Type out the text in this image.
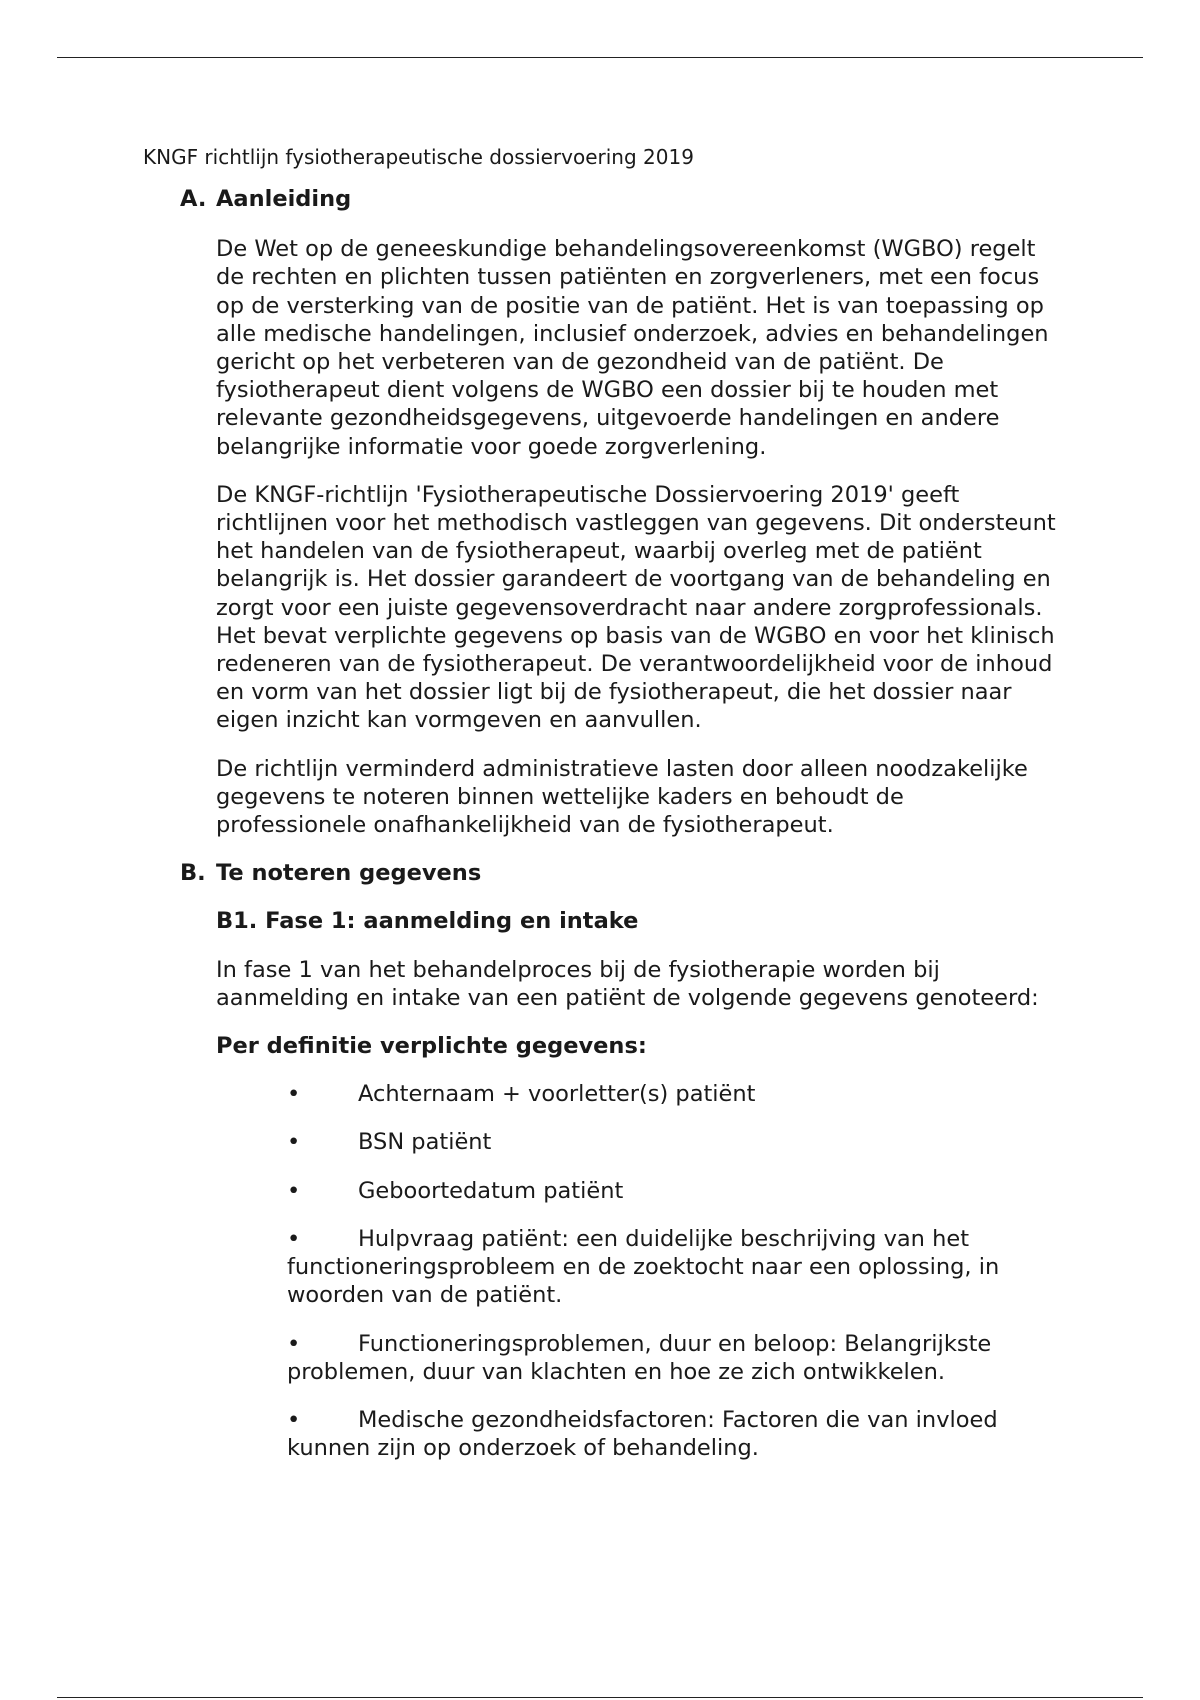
KNGF richtlijn fysiotherapeutische dossiervoering 2019
A. Aanleiding

De Wet op de geneeskundige behandelingsovereenkomst (WGBO) regelt de rechten en plichten tussen patiënten en zorgverleners, met een focus op de versterking van de positie van de patiënt. Het is van toepassing op alle medische handelingen, inclusief onderzoek, advies en behandelingen gericht op het verbeteren van de gezondheid van de patiënt. De fysiotherapeut dient volgens de WGBO een dossier bij te houden met relevante gezondheidsgegevens, uitgevoerde handelingen en andere belangrijke informatie voor goede zorgverlening.

De KNGF-richtlijn 'Fysiotherapeutische Dossiervoering 2019' geeft richtlijnen voor het methodisch vastleggen van gegevens. Dit ondersteunt het handelen van de fysiotherapeut, waarbij overleg met de patiënt belangrijk is. Het dossier garandeert de voortgang van de behandeling en zorgt voor een juiste gegevensoverdracht naar andere zorgprofessionals. Het bevat verplichte gegevens op basis van de WGBO en voor het klinisch redeneren van de fysiotherapeut. De verantwoordelijkheid voor de inhoud en vorm van het dossier ligt bij de fysiotherapeut, die het dossier naar eigen inzicht kan vormgeven en aanvullen.

De richtlijn verminderd administratieve lasten door alleen noodzakelijke gegevens te noteren binnen wettelijke kaders en behoudt de professionele onafhankelijkheid van de fysiotherapeut.

B. Te noteren gegevens
B1. Fase 1: aanmelding en intake

In fase 1 van het behandelproces bij de fysiotherapie worden bij aanmelding en intake van een patiënt de volgende gegevens genoteerd:

Per definitie verplichte gegevens:
•	Achternaam + voorletter(s) patiënt
•	BSN patiënt
•	Geboortedatum patiënt
•	Hulpvraag patiënt: een duidelijke beschrijving van het functioneringsprobleem en de zoektocht naar een oplossing, in woorden van de patiënt.
•	Functioneringsproblemen, duur en beloop: Belangrijkste problemen, duur van klachten en hoe ze zich ontwikkelen.
•	Medische gezondheidsfactoren: Factoren die van invloed kunnen zijn op onderzoek of behandeling.
